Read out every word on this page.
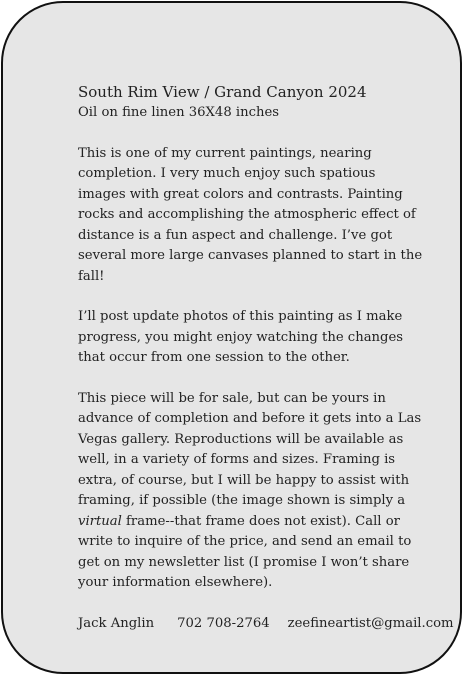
South Rim View / Grand Canyon 2024

Oil on fine linen 36X48 inches

This is one of my current paintings, nearing completion. I very much enjoy such spatious images with great colors and contrasts. Painting rocks and accomplishing the atmospheric effect of distance is a fun aspect and challenge. I’ve got several more large canvases planned to start in the fall!

I’ll post update photos of this painting as I make progress, you might enjoy watching the changes that occur from one session to the other.

This piece will be for sale, but can be yours in advance of completion and before it gets into a Las Vegas gallery. Reproductions will be available as well, in a variety of forms and sizes. Framing is extra, of course, but I will be happy to assist with framing, if possible (the image shown is simply a virtual frame--that frame does not exist). Call or write to inquire of the price, and send an email to get on my newsletter list (I promise I won’t share your information elsewhere).

Jack Anglin 702 708-2764 zeefineartist@gmail.com
